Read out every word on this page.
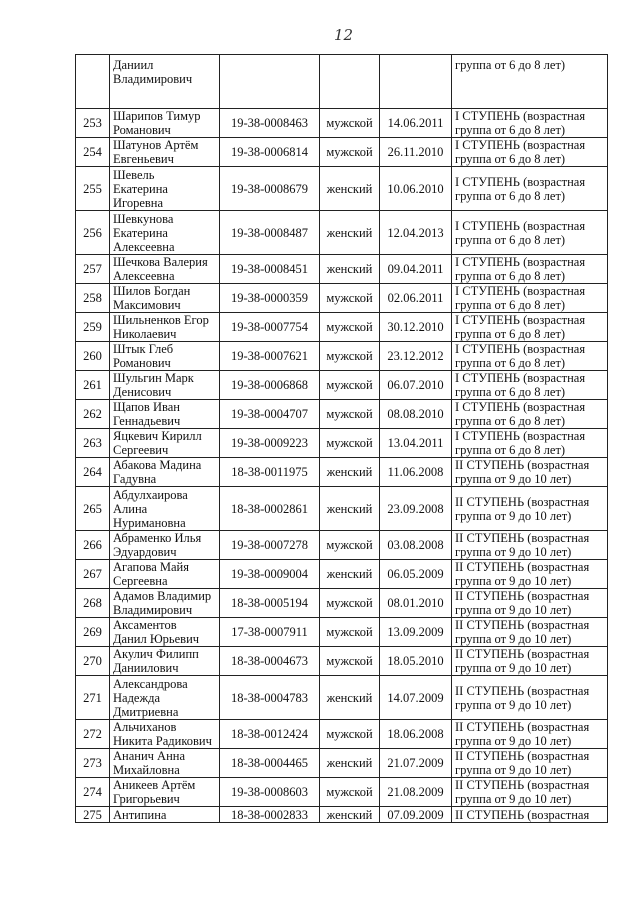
12
	Даниил
Владимирович				группа от 6 до 8 лет)
253	Шарипов Тимур
Романович	19-38-0008463	мужской	14.06.2011	I СТУПЕНЬ (возрастная
группа от 6 до 8 лет)
254	Шатунов Артём
Евгеньевич	19-38-0006814	мужской	26.11.2010	I СТУПЕНЬ (возрастная
группа от 6 до 8 лет)
255	Шевель
Екатерина
Игоревна	19-38-0008679	женский	10.06.2010	I СТУПЕНЬ (возрастная
группа от 6 до 8 лет)
256	Шевкунова
Екатерина
Алексеевна	19-38-0008487	женский	12.04.2013	I СТУПЕНЬ (возрастная
группа от 6 до 8 лет)
257	Шечкова Валерия
Алексеевна	19-38-0008451	женский	09.04.2011	I СТУПЕНЬ (возрастная
группа от 6 до 8 лет)
258	Шилов Богдан
Максимович	19-38-0000359	мужской	02.06.2011	I СТУПЕНЬ (возрастная
группа от 6 до 8 лет)
259	Шильненков Егор
Николаевич	19-38-0007754	мужской	30.12.2010	I СТУПЕНЬ (возрастная
группа от 6 до 8 лет)
260	Штык Глеб
Романович	19-38-0007621	мужской	23.12.2012	I СТУПЕНЬ (возрастная
группа от 6 до 8 лет)
261	Шульгин Марк
Денисович	19-38-0006868	мужской	06.07.2010	I СТУПЕНЬ (возрастная
группа от 6 до 8 лет)
262	Щапов Иван
Геннадьевич	19-38-0004707	мужской	08.08.2010	I СТУПЕНЬ (возрастная
группа от 6 до 8 лет)
263	Яцкевич Кирилл
Сергеевич	19-38-0009223	мужской	13.04.2011	I СТУПЕНЬ (возрастная
группа от 6 до 8 лет)
264	Абакова Мадина
Гадувна	18-38-0011975	женский	11.06.2008	II СТУПЕНЬ (возрастная
группа от 9 до 10 лет)
265	Абдулхаирова
Алина
Нуримановна	18-38-0002861	женский	23.09.2008	II СТУПЕНЬ (возрастная
группа от 9 до 10 лет)
266	Абраменко Илья
Эдуардович	19-38-0007278	мужской	03.08.2008	II СТУПЕНЬ (возрастная
группа от 9 до 10 лет)
267	Агапова Майя
Сергеевна	19-38-0009004	женский	06.05.2009	II СТУПЕНЬ (возрастная
группа от 9 до 10 лет)
268	Адамов Владимир
Владимирович	18-38-0005194	мужской	08.01.2010	II СТУПЕНЬ (возрастная
группа от 9 до 10 лет)
269	Аксаментов
Данил Юрьевич	17-38-0007911	мужской	13.09.2009	II СТУПЕНЬ (возрастная
группа от 9 до 10 лет)
270	Акулич Филипп
Даниилович	18-38-0004673	мужской	18.05.2010	II СТУПЕНЬ (возрастная
группа от 9 до 10 лет)
271	Александрова
Надежда
Дмитриевна	18-38-0004783	женский	14.07.2009	II СТУПЕНЬ (возрастная
группа от 9 до 10 лет)
272	Альчиханов
Никита Радикович	18-38-0012424	мужской	18.06.2008	II СТУПЕНЬ (возрастная
группа от 9 до 10 лет)
273	Ананич Анна
Михайловна	18-38-0004465	женский	21.07.2009	II СТУПЕНЬ (возрастная
группа от 9 до 10 лет)
274	Аникеев Артём
Григорьевич	19-38-0008603	мужской	21.08.2009	II СТУПЕНЬ (возрастная
группа от 9 до 10 лет)
275	Антипина	18-38-0002833	женский	07.09.2009	II СТУПЕНЬ (возрастная
